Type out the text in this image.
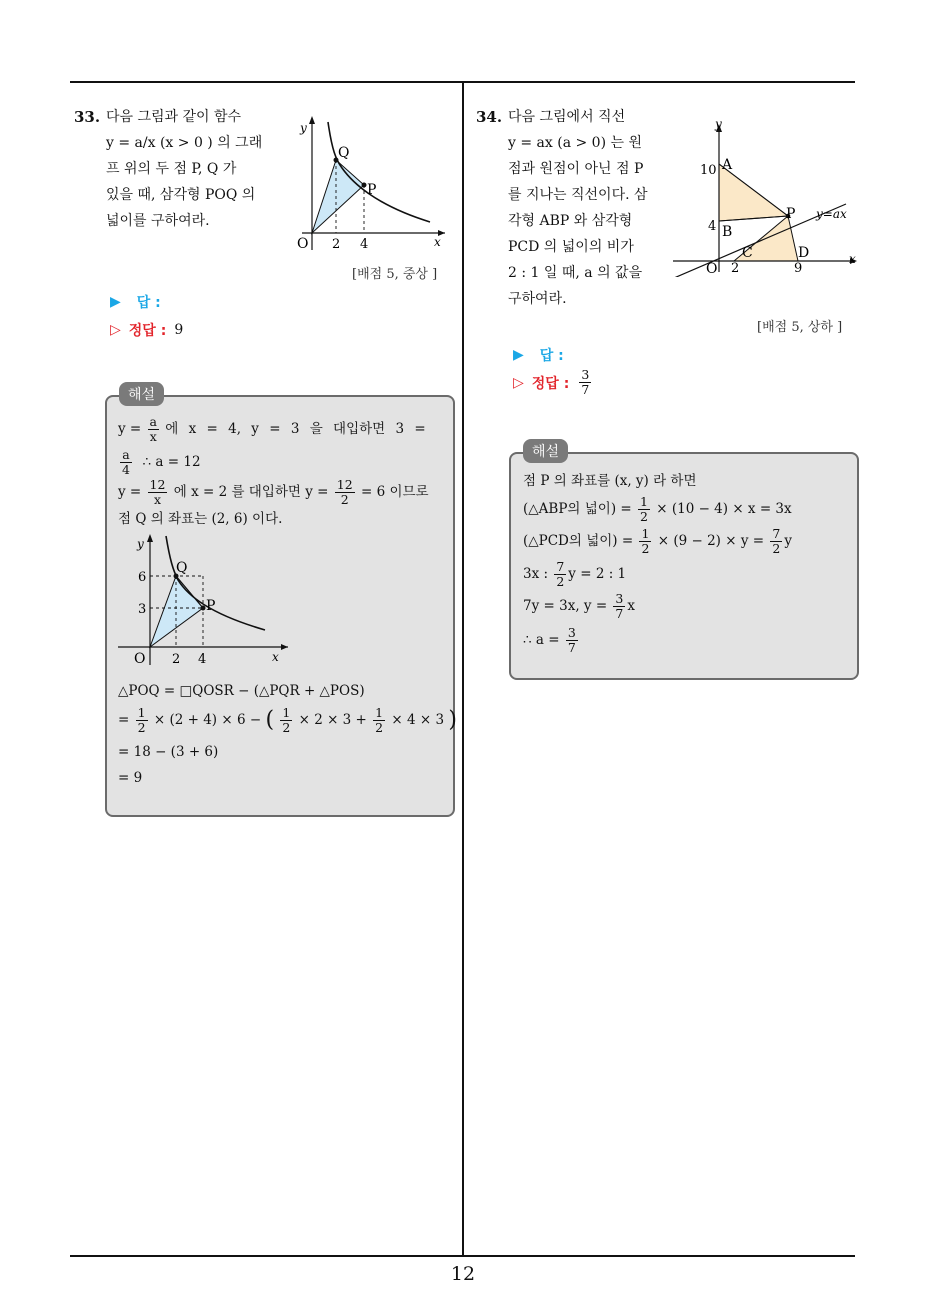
12
33. 다음 그림과 같이 함수
y = a/x (x > 0 ) 의 그래
프 위의 두 점 P, Q 가
있을 때, 삼각형 POQ 의
넓이를 구하여라.
y
Q
P
O 2 4	x
[배점 5, 중상 ]
▶ 답 :
▷ 정답 : 9
해설
$y = \frac{a}{x}$ 에 x = 4, y = 3 을 대입하면 3 =
$\frac{a}{4}$ ∴ a = 12
$y = \frac{12}{x}$ 에 x = 2 를 대입하면 $y = \frac{12}{2} = 6$ 이므로
점 Q 의 좌표는 (2, 6) 이다.
y
Q
P
6
3
O 2 4	x
△POQ = □QOSR − (△PQR + △POS)
= $\frac{1}{2} \times (2 + 4) \times 6$ − ( $\frac{1}{2} \times 2 \times 3 + \frac{1}{2} \times 4 \times 3$ )
= 18 − (3 + 6)
= 9
34. 다음 그림에서 직선
y = ax (a > 0) 는 원
점과 원점이 아닌 점 P
를 지나는 직선이다. 삼
각형 ABP 와 삼각형
PCD 의 넓이의 비가
2 : 1 일 때, a 의 값을
구하여라.
y
A
10
B
4
P y=ax
C	D
O 2	9
x
[배점 5, 상하 ]
▶ 답 :
▷ 정답 : $\frac{3}{7}$
해설
점 P 의 좌표를 (x, y) 라 하면
(△ABP의 넓이) = $\frac{1}{2} \times (10 - 4) \times x = 3x$
(△PCD의 넓이) = $\frac{1}{2} \times (9 - 2) \times y = \frac{7}{2}$ y
3x : $\frac{7}{2}$ y = 2 : 1
7y = 3x, $y = \frac{3}{7}$ x
∴ $a = \frac{3}{7}$
